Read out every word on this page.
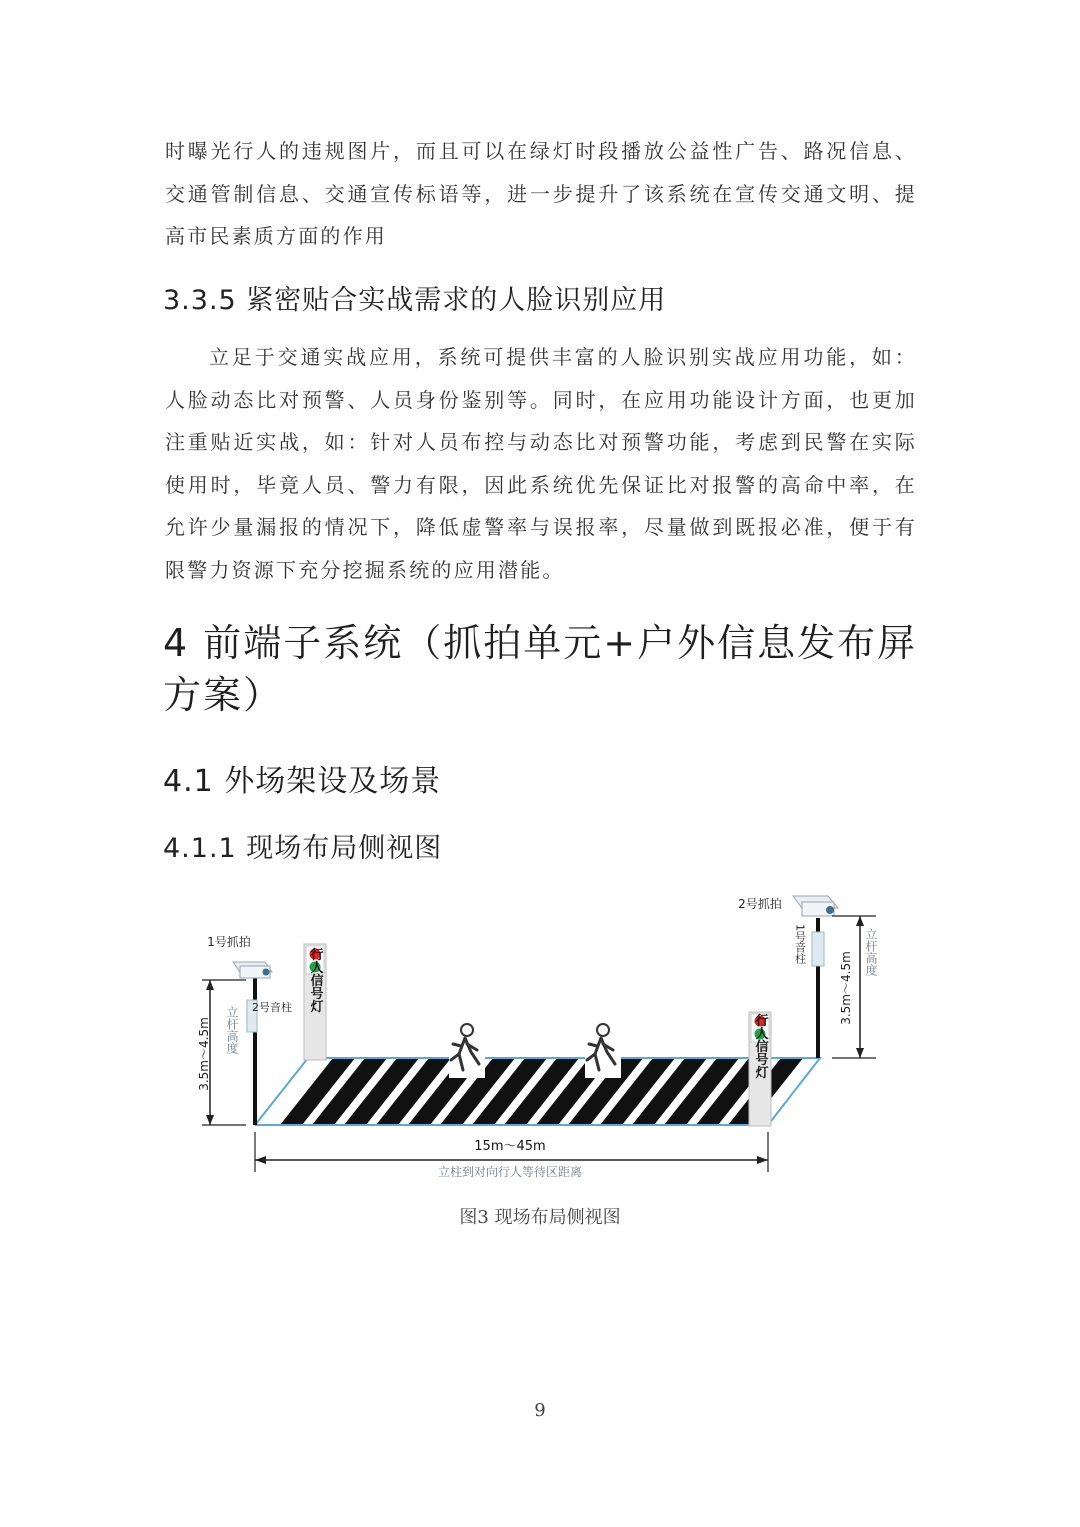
时曝光行人的违规图片，而且可以在绿灯时段播放公益性广告、路况信息、交通管制信息、交通宣传标语等，进一步提升了该系统在宣传交通文明、提高市民素质方面的作用

3.3.5 紧密贴合实战需求的人脸识别应用

立足于交通实战应用，系统可提供丰富的人脸识别实战应用功能，如：人脸动态比对预警、人员身份鉴别等。同时，在应用功能设计方面，也更加注重贴近实战，如：针对人员布控与动态比对预警功能，考虑到民警在实际使用时，毕竟人员、警力有限，因此系统优先保证比对报警的高命中率，在允许少量漏报的情况下，降低虚警率与误报率，尽量做到既报必准，便于有限警力资源下充分挖掘系统的应用潜能。

4 前端子系统（抓拍单元+户外信息发布屏方案）
4.1 外场架设及场景
4.1.1 现场布局侧视图
1号抓拍
2号音柱
3.5m～4.5m 立杆高度
行人信号灯
2号抓拍
1号音柱
行人信号灯
3.5m～4.5m 立杆高度
15m～45m
立柱到对向行人等待区距离
图3 现场布局侧视图
9
